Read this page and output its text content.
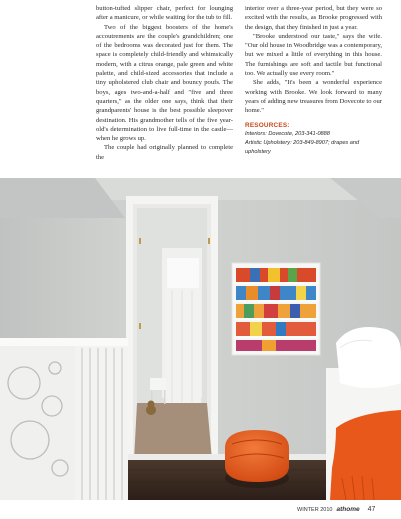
button-tufted slipper chair, perfect for lounging after a manicure, or while waiting for the tub to fill.

Two of the biggest boosters of the home's accoutrements are the couple's grandchildren; one of the bedrooms was decorated just for them. The space is completely child-friendly and whimsically modern, with a citrus orange, pale green and white palette, and child-sized accessories that include a tiny upholstered club chair and bouncy poufs. The boys, ages two-and-a-half and "five and three quarters," as the older one says, think that their grandparents' house is the best possible sleepover destination. His grandmother tells of the five year-old's determination to live full-time in the castle—when he grows up.

The couple had originally planned to complete the

interior over a three-year period, but they were so excited with the results, as Brooke progressed with the design, that they finished in just a year.

"Brooke understood our taste," says the wife. "Our old house in Woodbridge was a contemporary, but we mixed a little of everything in this house. The furnishings are soft and tactile but functional too. We actually use every room."

She adds, "It's been a wonderful experience working with Brooke. We look forward to many years of adding new treasures from Dovecote to our home."

RESOURCES:
Interiors: Dovecote, 203-341-0888
Artistic Upholstery: 203-849-8907; drapes and upholstery
WINTER 2010 athome 47
